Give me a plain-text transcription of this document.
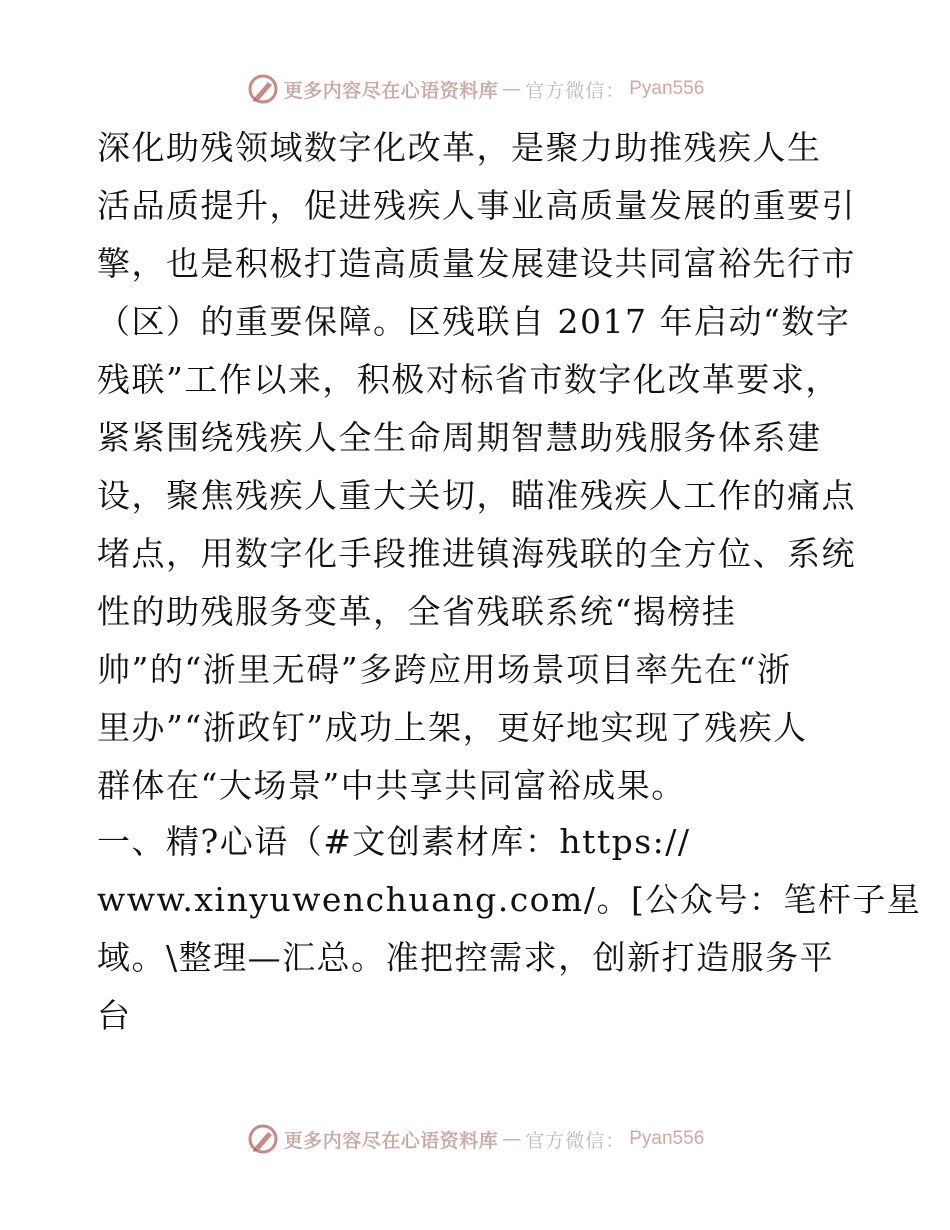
更多内容尽在心语资料库 — 官方微信： Pyan556
深化助残领域数字化改革，是聚力助推残疾人生
活品质提升，促进残疾人事业高质量发展的重要引
擎，也是积极打造高质量发展建设共同富裕先行市
（区）的重要保障。区残联自 2017 年启动“数字
残联”工作以来，积极对标省市数字化改革要求，
紧紧围绕残疾人全生命周期智慧助残服务体系建
设，聚焦残疾人重大关切，瞄准残疾人工作的痛点
堵点，用数字化手段推进镇海残联的全方位、系统
性的助残服务变革，全省残联系统“揭榜挂
帅”的“浙里无碍”多跨应用场景项目率先在“浙
里办”“浙政钉”成功上架，更好地实现了残疾人
群体在“大场景”中共享共同富裕成果。
一、精?心语（#文创素材库：https://
www.xinyuwenchuang.com/。[公众号：笔杆子星
域。\整理—汇总。准把控需求，创新打造服务平
台
更多内容尽在心语资料库 — 官方微信： Pyan556
